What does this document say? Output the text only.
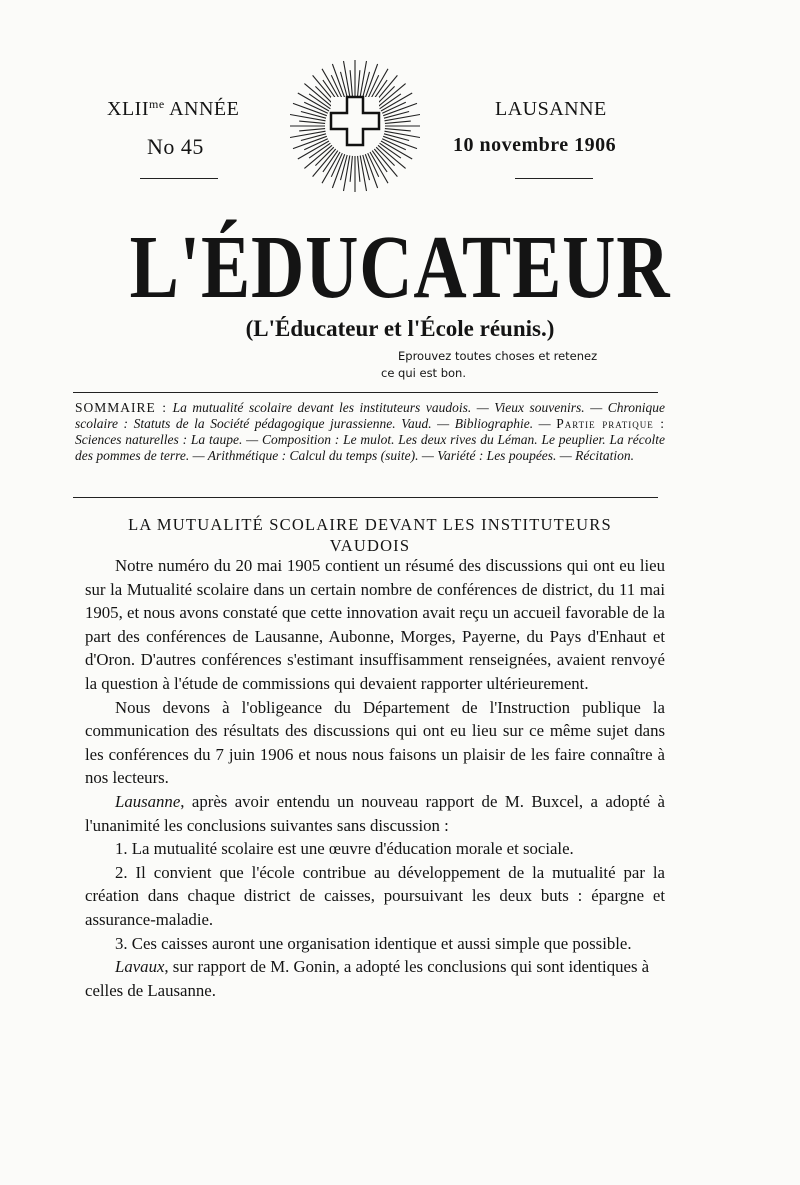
$XLII^{me}$ ANNÉE
No 45
LAUSANNE
10 novembre 1906
L'ÉDUCATEUR
(L'Éducateur et l'École réunis.)
Eprouvez toutes choses et retenez

ce qui est bon.
SOMMAIRE : La mutualité scolaire devant les instituteurs vaudois. — Vieux souvenirs. — Chronique scolaire : Statuts de la Société pédagogique jurassienne. Vaud. — Bibliographie. — Partie pratique : Sciences naturelles : La taupe. — Composition : Le mulot. Les deux rives du Léman. Le peuplier. La récolte des pommes de terre. — Arithmétique : Calcul du temps (suite). — Variété : Les poupées. — Récitation.
LA MUTUALITÉ SCOLAIRE DEVANT LES INSTITUTEURS
VAUDOIS

Notre numéro du 20 mai 1905 contient un résumé des discussions qui ont eu lieu sur la Mutualité scolaire dans un certain nombre de conférences de district, du 11 mai 1905, et nous avons constaté que cette innovation avait reçu un accueil favorable de la part des conférences de Lausanne, Aubonne, Morges, Payerne, du Pays d'Enhaut et d'Oron. D'autres conférences s'estimant insuffisamment renseignées, avaient renvoyé la question à l'étude de commissions qui devaient rapporter ultérieurement.

Nous devons à l'obligeance du Département de l'Instruction publique la communication des résultats des discussions qui ont eu lieu sur ce même sujet dans les conférences du 7 juin 1906 et nous nous faisons un plaisir de les faire connaître à nos lecteurs.

Lausanne, après avoir entendu un nouveau rapport de M. Buxcel, a adopté à l'unanimité les conclusions suivantes sans discussion :

1. La mutualité scolaire est une œuvre d'éducation morale et sociale.

2. Il convient que l'école contribue au développement de la mutualité par la création dans chaque district de caisses, poursuivant les deux buts : épargne et assurance-maladie.

3. Ces caisses auront une organisation identique et aussi simple que possible.

Lavaux, sur rapport de M. Gonin, a adopté les conclusions qui sont identiques à celles de Lausanne.
